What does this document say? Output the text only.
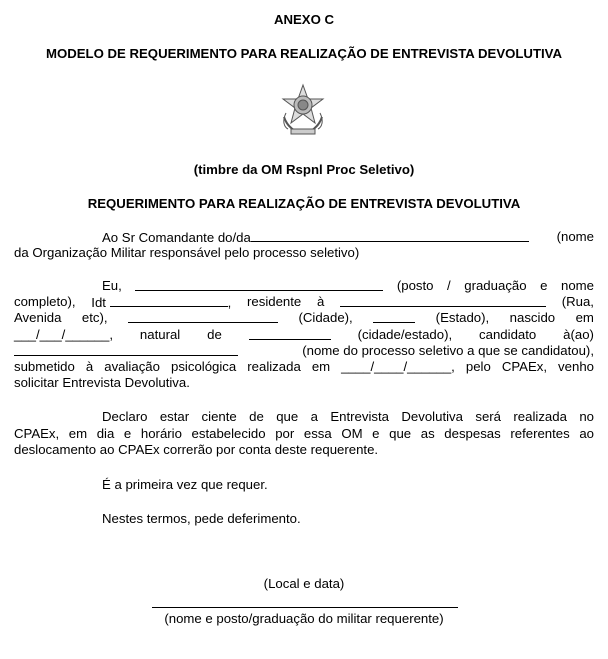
ANEXO C
MODELO DE REQUERIMENTO PARA REALIZAÇÃO DE ENTREVISTA DEVOLUTIVA
(timbre da OM Rspnl Proc Seletivo)
REQUERIMENTO PARA REALIZAÇÃO DE ENTREVISTA DEVOLUTIVA
Ao Sr Comandante do/da	(nome
da Organização Militar responsável pelo processo seletivo)
Eu,	(posto / graduação e nome
completo), Idt	, residente à	(Rua,
Avenida etc),	(Cidade),	(Estado), nascido em
___/___/______, natural de	(cidade/estado), candidato à(ao)
(nome do processo seletivo a que se candidatou),
submetido à avaliação psicológica realizada em ____/____/______, pelo CPAEx, venho
solicitar Entrevista Devolutiva.
Declaro estar ciente de que a Entrevista Devolutiva será realizada no
CPAEx, em dia e horário estabelecido por essa OM e que as despesas referentes ao
deslocamento ao CPAEx correrão por conta deste requerente.
É a primeira vez que requer.
Nestes termos, pede deferimento.
(Local e data)
(nome e posto/graduação do militar requerente)
